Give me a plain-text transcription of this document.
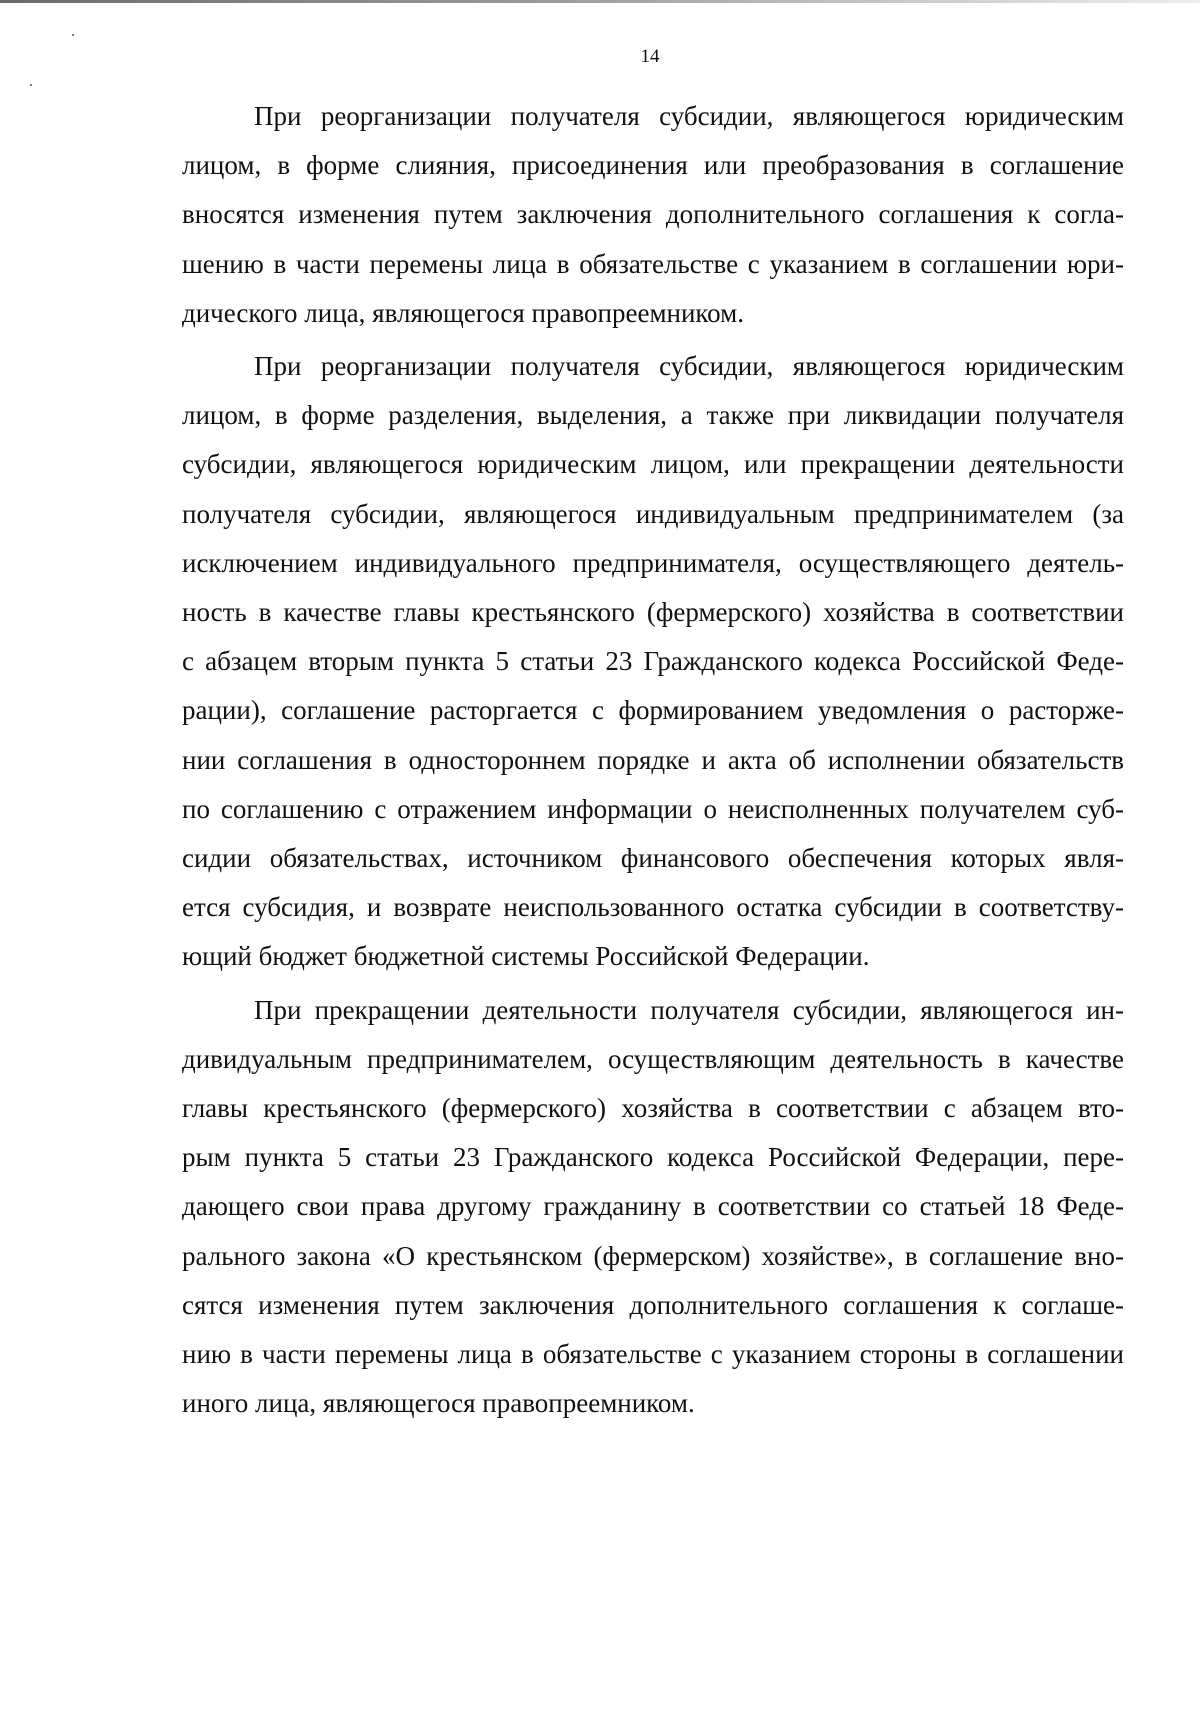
14
При реорганизации получателя субсидии, являющегося юридическим
лицом, в форме слияния, присоединения или преобразования в соглашение
вносятся изменения путем заключения дополнительного соглашения к согла-
шению в части перемены лица в обязательстве с указанием в соглашении юри-
дического лица, являющегося правопреемником.
При реорганизации получателя субсидии, являющегося юридическим
лицом, в форме разделения, выделения, а также при ликвидации получателя
субсидии, являющегося юридическим лицом, или прекращении деятельности
получателя субсидии, являющегося индивидуальным предпринимателем (за
исключением индивидуального предпринимателя, осуществляющего деятель-
ность в качестве главы крестьянского (фермерского) хозяйства в соответствии
с абзацем вторым пункта 5 статьи 23 Гражданского кодекса Российской Феде-
рации), соглашение расторгается с формированием уведомления о расторже-
нии соглашения в одностороннем порядке и акта об исполнении обязательств
по соглашению с отражением информации о неисполненных получателем суб-
сидии обязательствах, источником финансового обеспечения которых явля-
ется субсидия, и возврате неиспользованного остатка субсидии в соответству-
ющий бюджет бюджетной системы Российской Федерации.
При прекращении деятельности получателя субсидии, являющегося ин-
дивидуальным предпринимателем, осуществляющим деятельность в качестве
главы крестьянского (фермерского) хозяйства в соответствии с абзацем вто-
рым пункта 5 статьи 23 Гражданского кодекса Российской Федерации, пере-
дающего свои права другому гражданину в соответствии со статьей 18 Феде-
рального закона «О крестьянском (фермерском) хозяйстве», в соглашение вно-
сятся изменения путем заключения дополнительного соглашения к соглаше-
нию в части перемены лица в обязательстве с указанием стороны в соглашении
иного лица, являющегося правопреемником.
